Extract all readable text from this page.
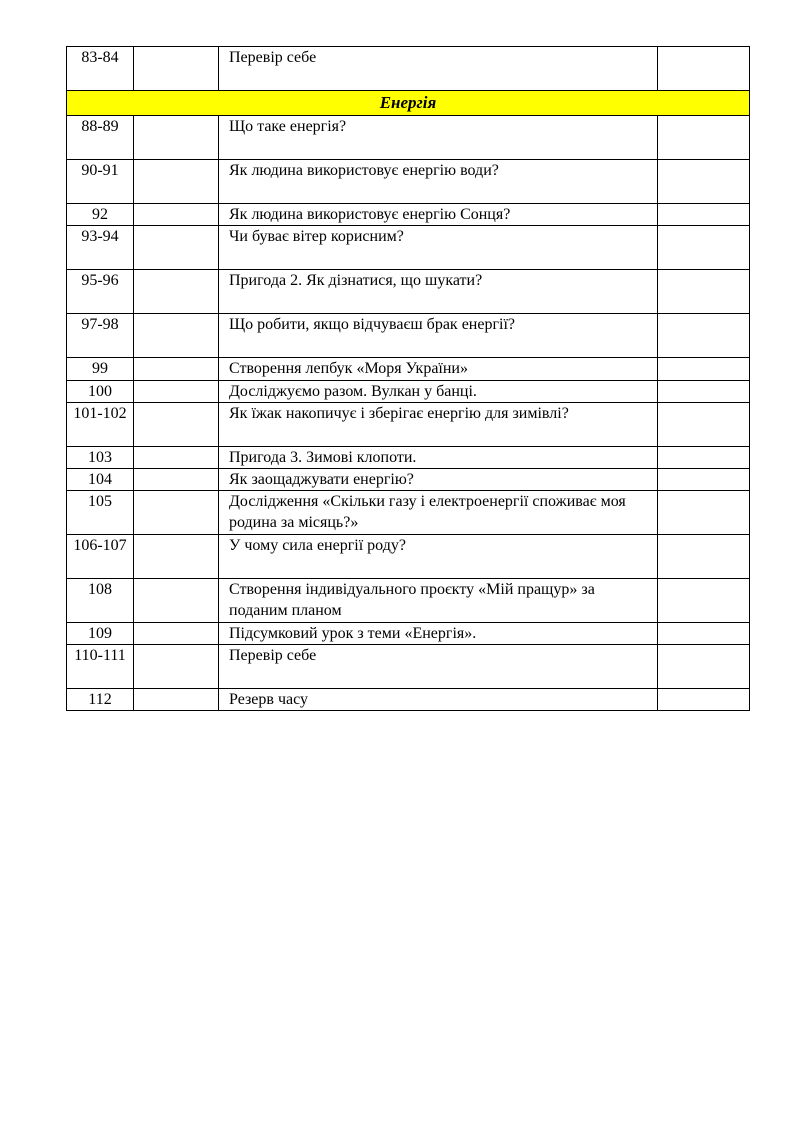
83-84		Перевір себе	
Енергія			
88-89		Що таке енергія?	
90-91		Як людина використовує енергію води?	
92		Як людина використовує енергію Сонця?	
93-94		Чи буває вітер корисним?	
95-96		Пригода 2. Як дізнатися, що шукати?	
97-98		Що робити, якщо відчуваєш брак енергії?	
99		Створення лепбук «Моря України»	
100		Досліджуємо разом. Вулкан у банці.	
101-102		Як їжак накопичує і зберігає енергію для зимівлі?	
103		Пригода 3. Зимові клопоти.	
104		Як заощаджувати енергію?	
105		Дослідження «Скільки газу і електроенергії споживає моя родина за місяць?»	
106-107		У чому сила енергії роду?	
108		Створення індивідуального проєкту «Мій пращур» за поданим планом	
109		Підсумковий урок з теми «Енергія».	
110-111		Перевір себе	
112		Резерв часу	
